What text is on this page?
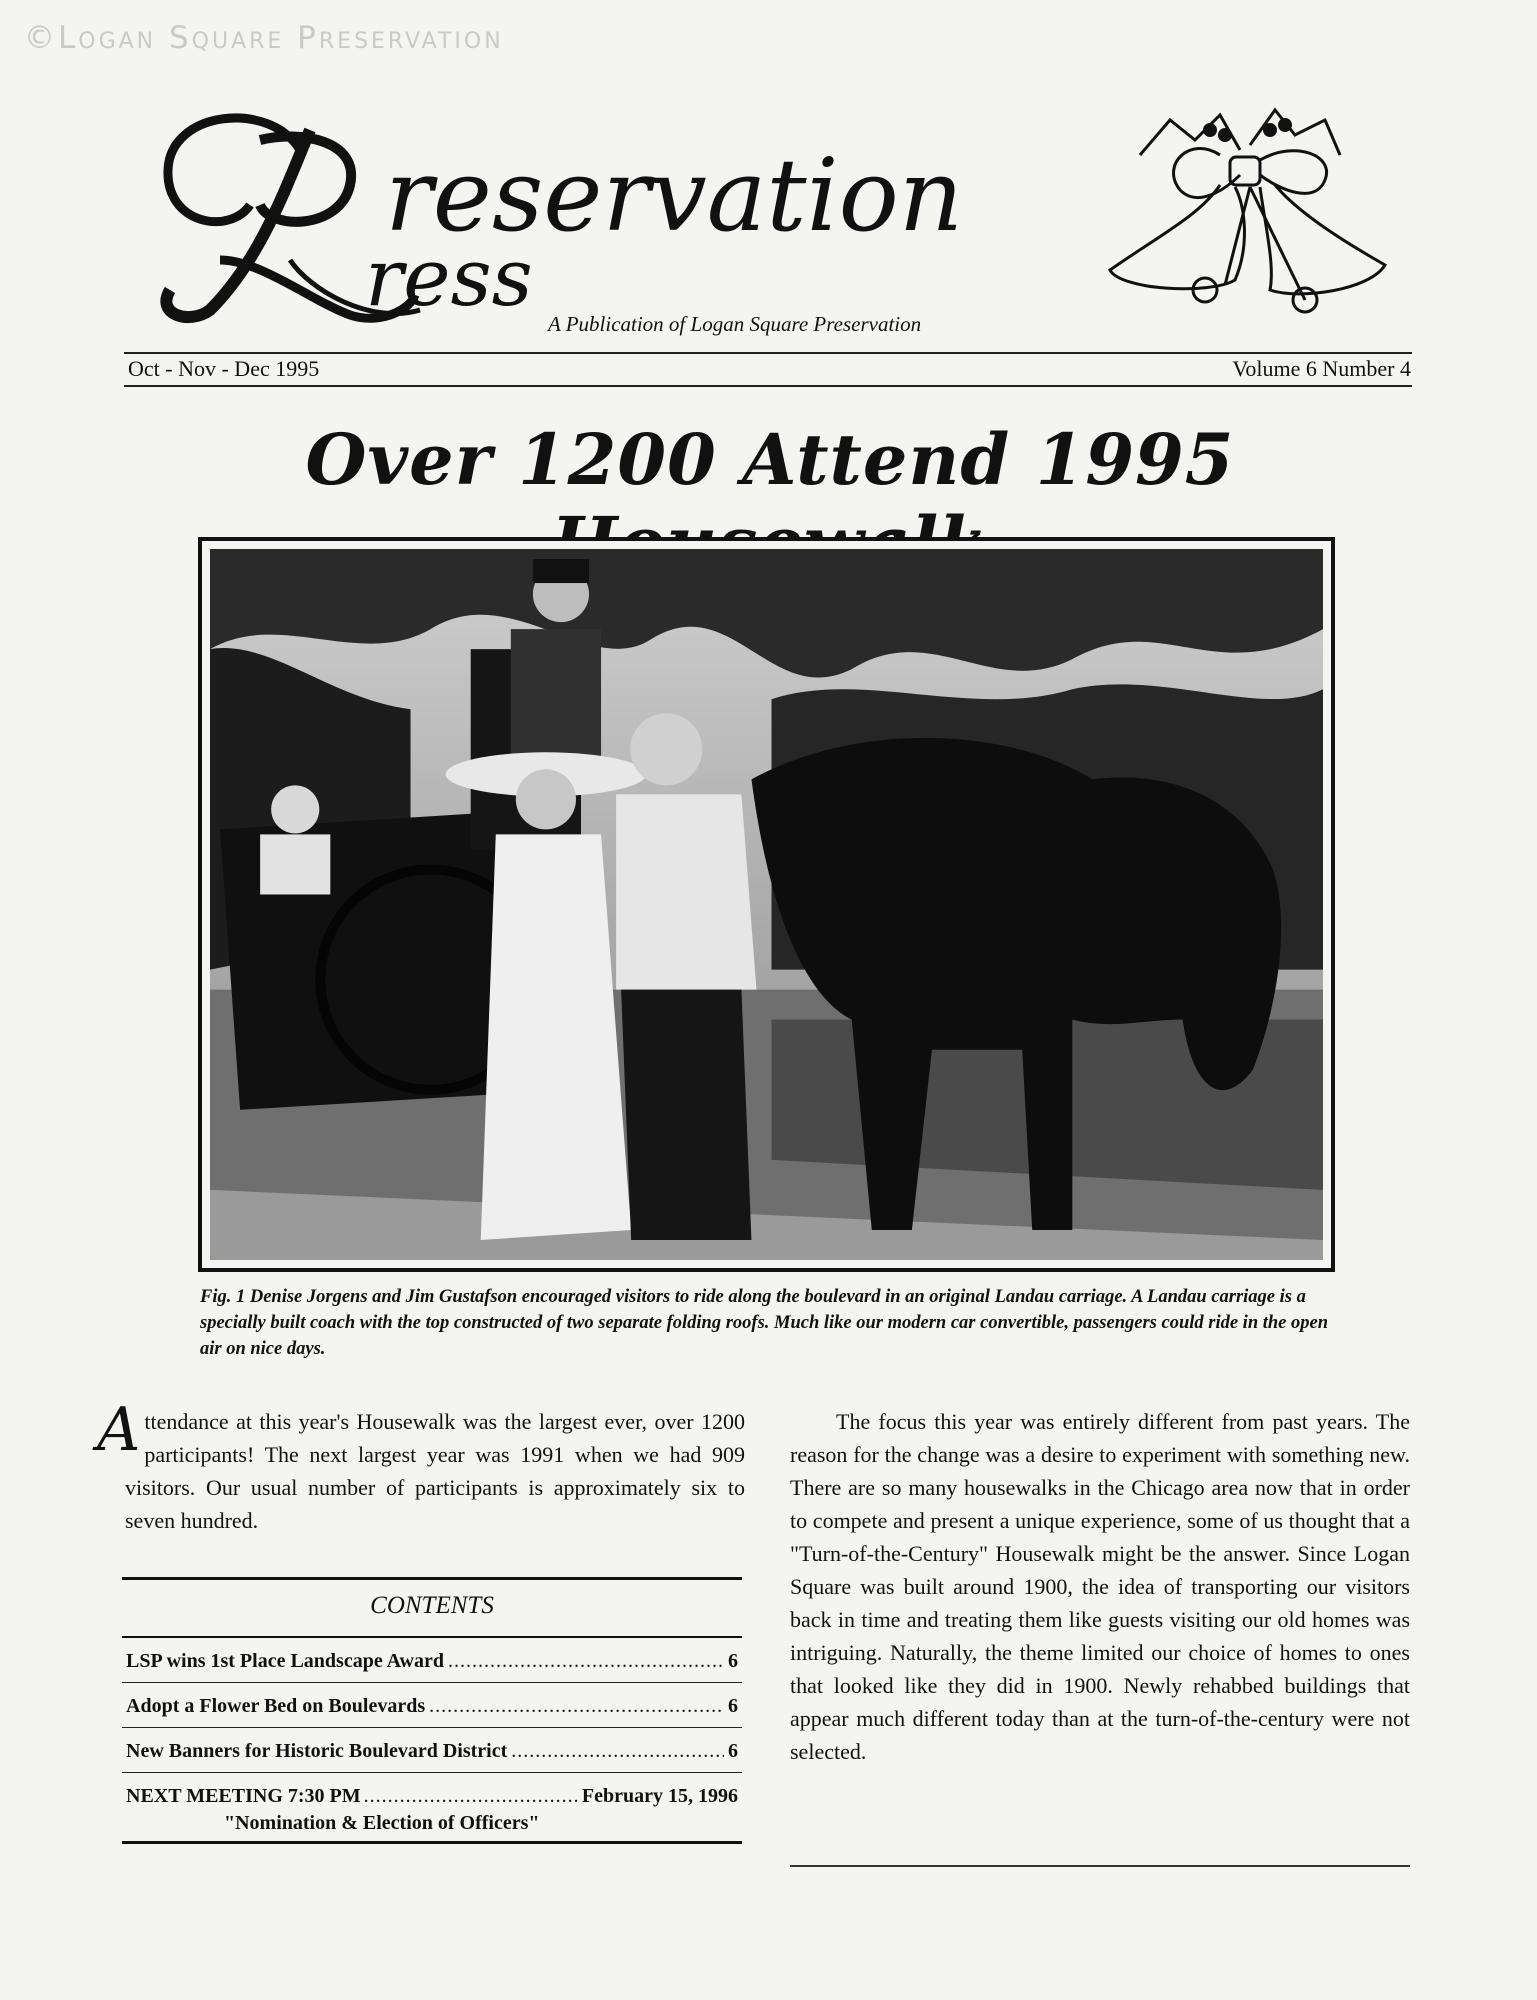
©Logan Square Preservation
reservation
ress A Publication of Logan Square Preservation
Oct - Nov - Dec 1995	Volume 6 Number 4
Over 1200 Attend 1995
Fig. 1 Denise Jorgens and Jim Gustafson encouraged visitors to ride along the boulevard in an original Landau carriage. A Landau carriage is a specially built coach with the top constructed of two separate folding roofs. Much like our modern car convertible, passengers could ride in the open air on nice days.
Attendance at this year's Housewalk was the largest ever, over 1200 participants! The next largest year was 1991 when we had 909 visitors. Our usual number of participants is approximately six to seven hundred.
CONTENTS
LSP wins 1st Place Landscape Award .....	6
Adopt a Flower Bed on Boulevards .....	6
New Banners for Historic Boulevard District .....	6
NEXT MEETING 7:30 PM .....	February 15, 1996
"Nomination & Election of Officers"
The focus this year was entirely different from past years. The reason for the change was a desire to experiment with something new. There are so many housewalks in the Chicago area now that in order to compete and present a unique experience, some of us thought that a "Turn-of-the-Century" Housewalk might be the answer. Since Logan Square was built around 1900, the idea of transporting our visitors back in time and treating them like guests visiting our old homes was intriguing. Naturally, the theme limited our choice of homes to ones that looked like they did in 1900. Newly rehabbed buildings that appear much different today than at the turn-of-the-century were not selected.
